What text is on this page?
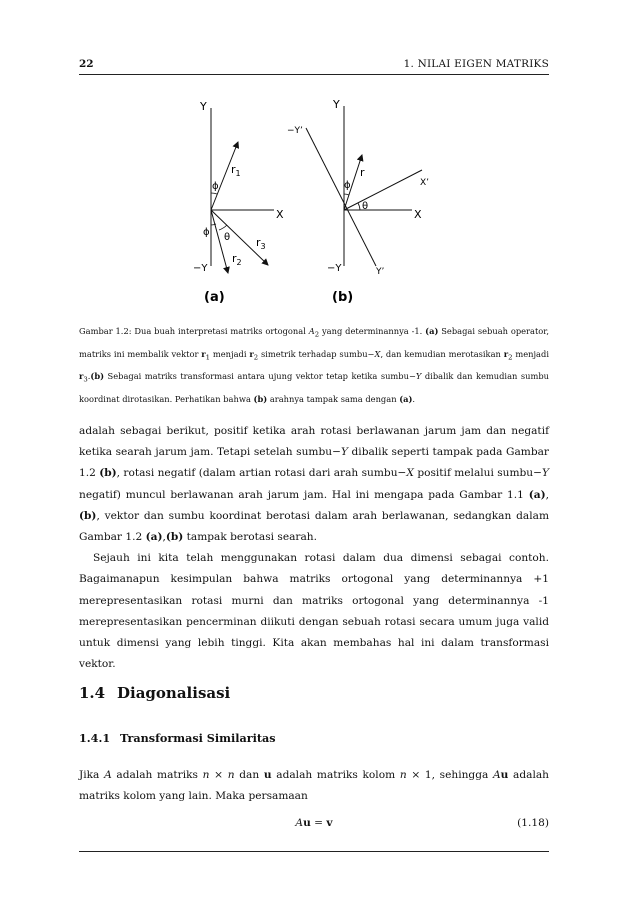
22	1. NILAI EIGEN MATRIKS
Y
−Y
X
$r_1$
$r_2$
$r_3$
ϕ
ϕ θ
(a)
Y
−Y
X
Y’
−Y’
X’
r
ϕ
θ
(b)
Gambar 1.2: Dua buah interpretasi matriks ortogonal $A_2$ yang determinannya -1. (a) Sebagai sebuah operator, matriks ini membalik vektor $r_1$ menjadi $r_2$ simetrik terhadap sumbu−X, dan kemudian merotasikan $r_2$ menjadi $r_3.(b)$ Sebagai matriks transformasi antara ujung vektor tetap ketika sumbu−Y dibalik dan kemudian sumbu koordinat dirotasikan. Perhatikan bahwa (b) arahnya tampak sama dengan (a).

adalah sebagai berikut, positif ketika arah rotasi berlawanan jarum jam dan negatif ketika searah jarum jam. Tetapi setelah sumbu−Y dibalik seperti tampak pada Gambar 1.2 (b), rotasi negatif (dalam artian rotasi dari arah sumbu−X positif melalui sumbu−Y negatif) muncul berlawanan arah jarum jam. Hal ini mengapa pada Gambar 1.1 (a),(b), vektor dan sumbu koordinat berotasi dalam arah berlawanan, sedangkan dalam Gambar 1.2 (a),(b) tampak berotasi searah.

Sejauh ini kita telah menggunakan rotasi dalam dua dimensi sebagai contoh. Bagaimanapun kesimpulan bahwa matriks ortogonal yang determinannya +1 merepresentasikan rotasi murni dan matriks ortogonal yang determinannya -1 merepresentasikan pencerminan diikuti dengan sebuah rotasi secara umum juga valid untuk dimensi yang lebih tinggi. Kita akan membahas hal ini dalam transformasi vektor.

1.4 Diagonalisasi
1.4.1 Transformasi Similaritas

Jika A adalah matriks n × n dan u adalah matriks kolom n × 1, sehingga Au adalah matriks kolom yang lain. Maka persamaan

Au = v	(1.18)
